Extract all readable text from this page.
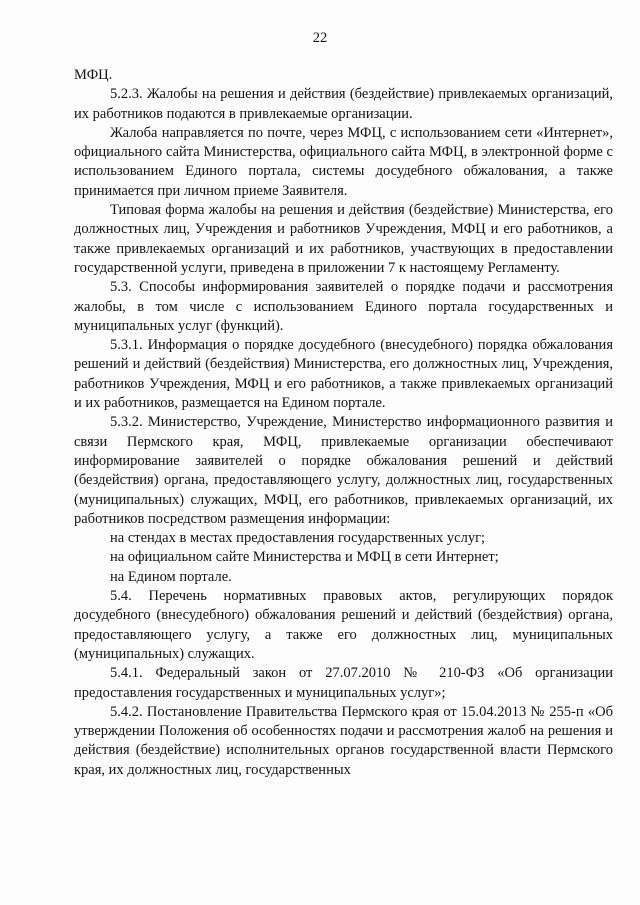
22

МФЦ.

5.2.3. Жалобы на решения и действия (бездействие) привлекаемых организаций, их работников подаются в привлекаемые организации.

Жалоба направляется по почте, через МФЦ, с использованием сети «Интернет», официального сайта Министерства, официального сайта МФЦ, в электронной форме с использованием Единого портала, системы досудебного обжалования, а также принимается при личном приеме Заявителя.

Типовая форма жалобы на решения и действия (бездействие) Министерства, его должностных лиц, Учреждения и работников Учреждения, МФЦ и его работников, а также привлекаемых организаций и их работников, участвующих в предоставлении государственной услуги, приведена в приложении 7 к настоящему Регламенту.

5.3. Способы информирования заявителей о порядке подачи и рассмотрения жалобы, в том числе с использованием Единого портала государственных и муниципальных услуг (функций).

5.3.1. Информация о порядке досудебного (внесудебного) порядка обжалования решений и действий (бездействия) Министерства, его должностных лиц, Учреждения, работников Учреждения, МФЦ и его работников, а также привлекаемых организаций и их работников, размещается на Едином портале.

5.3.2. Министерство, Учреждение, Министерство информационного развития и связи Пермского края, МФЦ, привлекаемые организации обеспечивают информирование заявителей о порядке обжалования решений и действий (бездействия) органа, предоставляющего услугу, должностных лиц, государственных (муниципальных) служащих, МФЦ, его работников, привлекаемых организаций, их работников посредством размещения информации:

на стендах в местах предоставления государственных услуг;

на официальном сайте Министерства и МФЦ в сети Интернет;

на Едином портале.

5.4. Перечень нормативных правовых актов, регулирующих порядок досудебного (внесудебного) обжалования решений и действий (бездействия) органа, предоставляющего услугу, а также его должностных лиц, муниципальных (муниципальных) служащих.

5.4.1. Федеральный закон от 27.07.2010 № 210-ФЗ «Об организации предоставления государственных и муниципальных услуг»;

5.4.2. Постановление Правительства Пермского края от 15.04.2013 № 255-п «Об утверждении Положения об особенностях подачи и рассмотрения жалоб на решения и действия (бездействие) исполнительных органов государственной власти Пермского края, их должностных лиц, государственных
